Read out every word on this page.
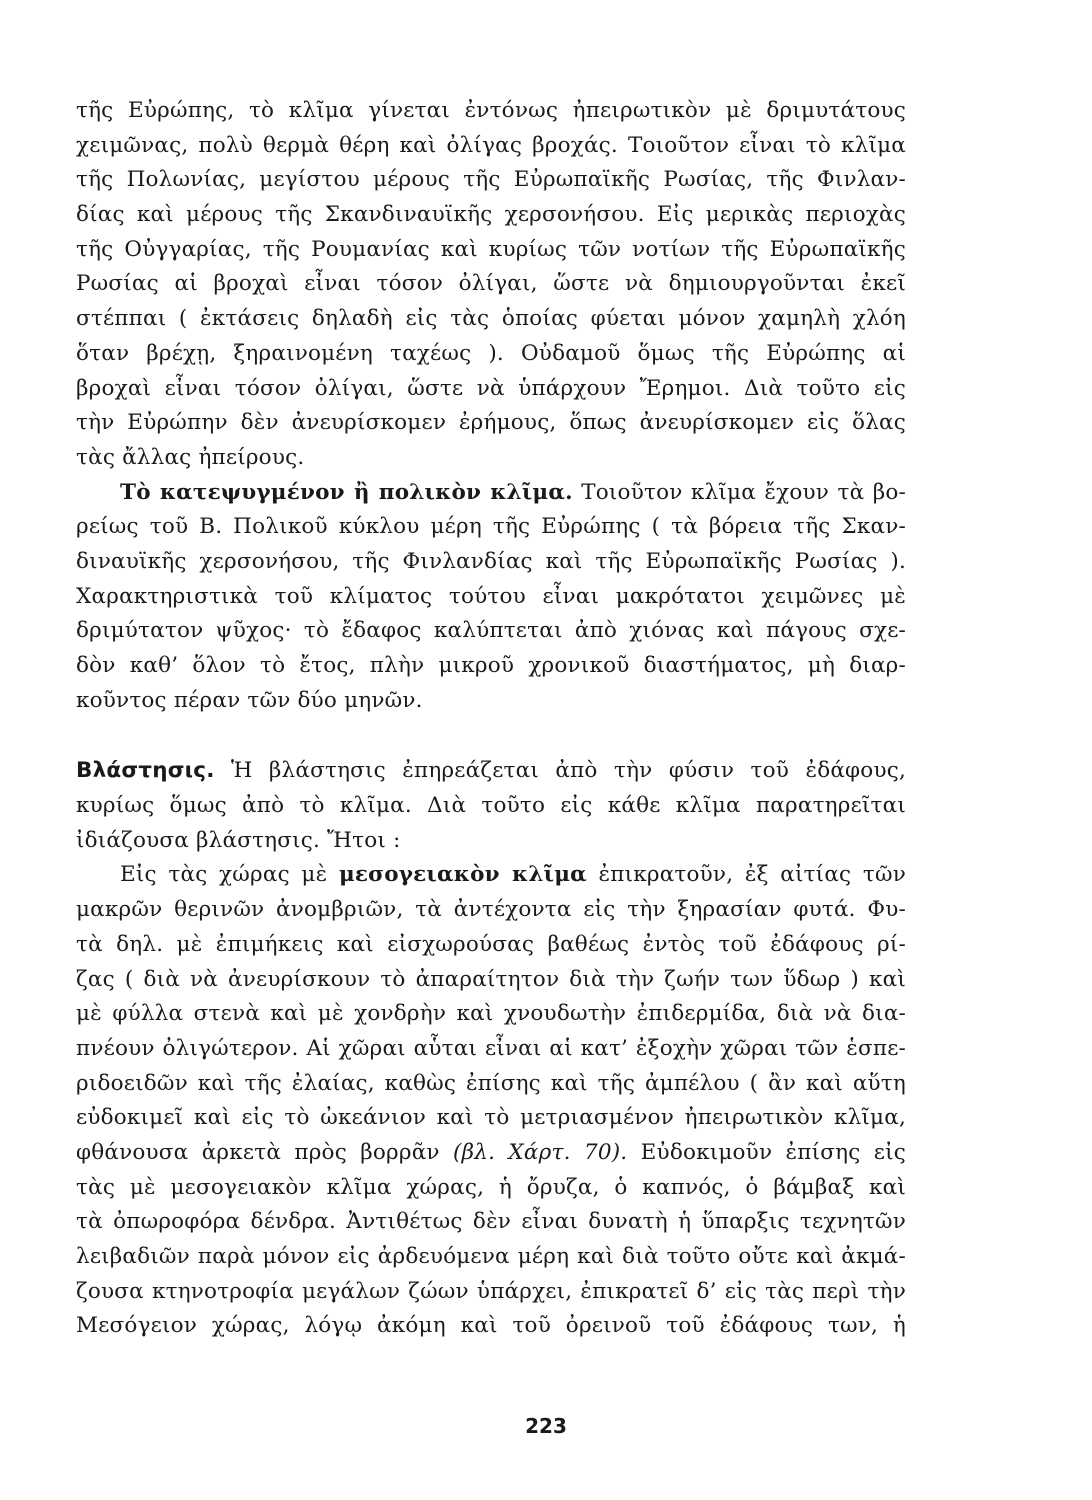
τῆς Εὐρώπης, τὸ κλῖμα γίνεται ἐντόνως ἠπειρωτικὸν μὲ δριμυτάτους
χειμῶνας, πολὺ θερμὰ θέρη καὶ ὀλίγας βροχάς. Τοιοῦτον εἶναι τὸ κλῖμα
τῆς Πολωνίας, μεγίστου μέρους τῆς Εὐρωπαϊκῆς Ρωσίας, τῆς Φινλαν-
δίας καὶ μέρους τῆς Σκανδιναυϊκῆς χερσονήσου. Εἰς μερικὰς περιοχὰς
τῆς Οὐγγαρίας, τῆς Ρουμανίας καὶ κυρίως τῶν νοτίων τῆς Εὐρωπαϊκῆς
Ρωσίας αἱ βροχαὶ εἶναι τόσον ὀλίγαι, ὥστε νὰ δημιουργοῦνται ἐκεῖ
στέππαι ( ἐκτάσεις δηλαδὴ εἰς τὰς ὁποίας φύεται μόνον χαμηλὴ χλόη
ὅταν βρέχῃ, ξηραινομένη ταχέως ). Οὐδαμοῦ ὅμως τῆς Εὐρώπης αἱ
βροχαὶ εἶναι τόσον ὀλίγαι, ὥστε νὰ ὑπάρχουν Ἔρημοι. Διὰ τοῦτο εἰς
τὴν Εὐρώπην δὲν ἀνευρίσκομεν ἐρήμους, ὅπως ἀνευρίσκομεν εἰς ὅλας
τὰς ἄλλας ἠπείρους.
Τὸ κατεψυγμένον ἢ πολικὸν κλῖμα. Τοιοῦτον κλῖμα ἔχουν τὰ βο-
ρείως τοῦ Β. Πολικοῦ κύκλου μέρη τῆς Εὐρώπης ( τὰ βόρεια τῆς Σκαν-
διναυϊκῆς χερσονήσου, τῆς Φινλανδίας καὶ τῆς Εὐρωπαϊκῆς Ρωσίας ).
Χαρακτηριστικὰ τοῦ κλίματος τούτου εἶναι μακρότατοι χειμῶνες μὲ
δριμύτατον ψῦχος· τὸ ἔδαφος καλύπτεται ἀπὸ χιόνας καὶ πάγους σχε-
δὸν καθ’ ὅλον τὸ ἔτος, πλὴν μικροῦ χρονικοῦ διαστήματος, μὴ διαρ-
κοῦντος πέραν τῶν δύο μηνῶν.
Βλάστησις. Ἡ βλάστησις ἐπηρεάζεται ἀπὸ τὴν φύσιν τοῦ ἐδάφους,
κυρίως ὅμως ἀπὸ τὸ κλῖμα. Διὰ τοῦτο εἰς κάθε κλῖμα παρατηρεῖται
ἰδιάζουσα βλάστησις. Ἤτοι :
Εἰς τὰς χώρας μὲ μεσογειακὸν κλῖμα ἐπικρατοῦν, ἐξ αἰτίας τῶν
μακρῶν θερινῶν ἀνομβριῶν, τὰ ἀντέχοντα εἰς τὴν ξηρασίαν φυτά. Φυ-
τὰ δηλ. μὲ ἐπιμήκεις καὶ εἰσχωρούσας βαθέως ἐντὸς τοῦ ἐδάφους ρί-
ζας ( διὰ νὰ ἀνευρίσκουν τὸ ἀπαραίτητον διὰ τὴν ζωήν των ὕδωρ ) καὶ
μὲ φύλλα στενὰ καὶ μὲ χονδρὴν καὶ χνουδωτὴν ἐπιδερμίδα, διὰ νὰ δια-
πνέουν ὀλιγώτερον. Αἱ χῶραι αὗται εἶναι αἱ κατ’ ἐξοχὴν χῶραι τῶν ἑσπε-
ριδοειδῶν καὶ τῆς ἐλαίας, καθὼς ἐπίσης καὶ τῆς ἀμπέλου ( ἂν καὶ αὕτη
εὐδοκιμεῖ καὶ εἰς τὸ ὠκεάνιον καὶ τὸ μετριασμένον ἠπειρωτικὸν κλῖμα,
φθάνουσα ἀρκετὰ πρὸς βορρᾶν (βλ. Χάρτ. 70). Εὐδοκιμοῦν ἐπίσης εἰς
τὰς μὲ μεσογειακὸν κλῖμα χώρας, ἡ ὄρυζα, ὁ καπνός, ὁ βάμβαξ καὶ
τὰ ὀπωροφόρα δένδρα. Ἀντιθέτως δὲν εἶναι δυνατὴ ἡ ὕπαρξις τεχνητῶν
λειβαδιῶν παρὰ μόνον εἰς ἀρδευόμενα μέρη καὶ διὰ τοῦτο οὔτε καὶ ἀκμά-
ζουσα κτηνοτροφία μεγάλων ζώων ὑπάρχει, ἐπικρατεῖ δ’ εἰς τὰς περὶ τὴν
Μεσόγειον χώρας, λόγῳ ἀκόμη καὶ τοῦ ὀρεινοῦ τοῦ ἐδάφους των, ἡ
223
